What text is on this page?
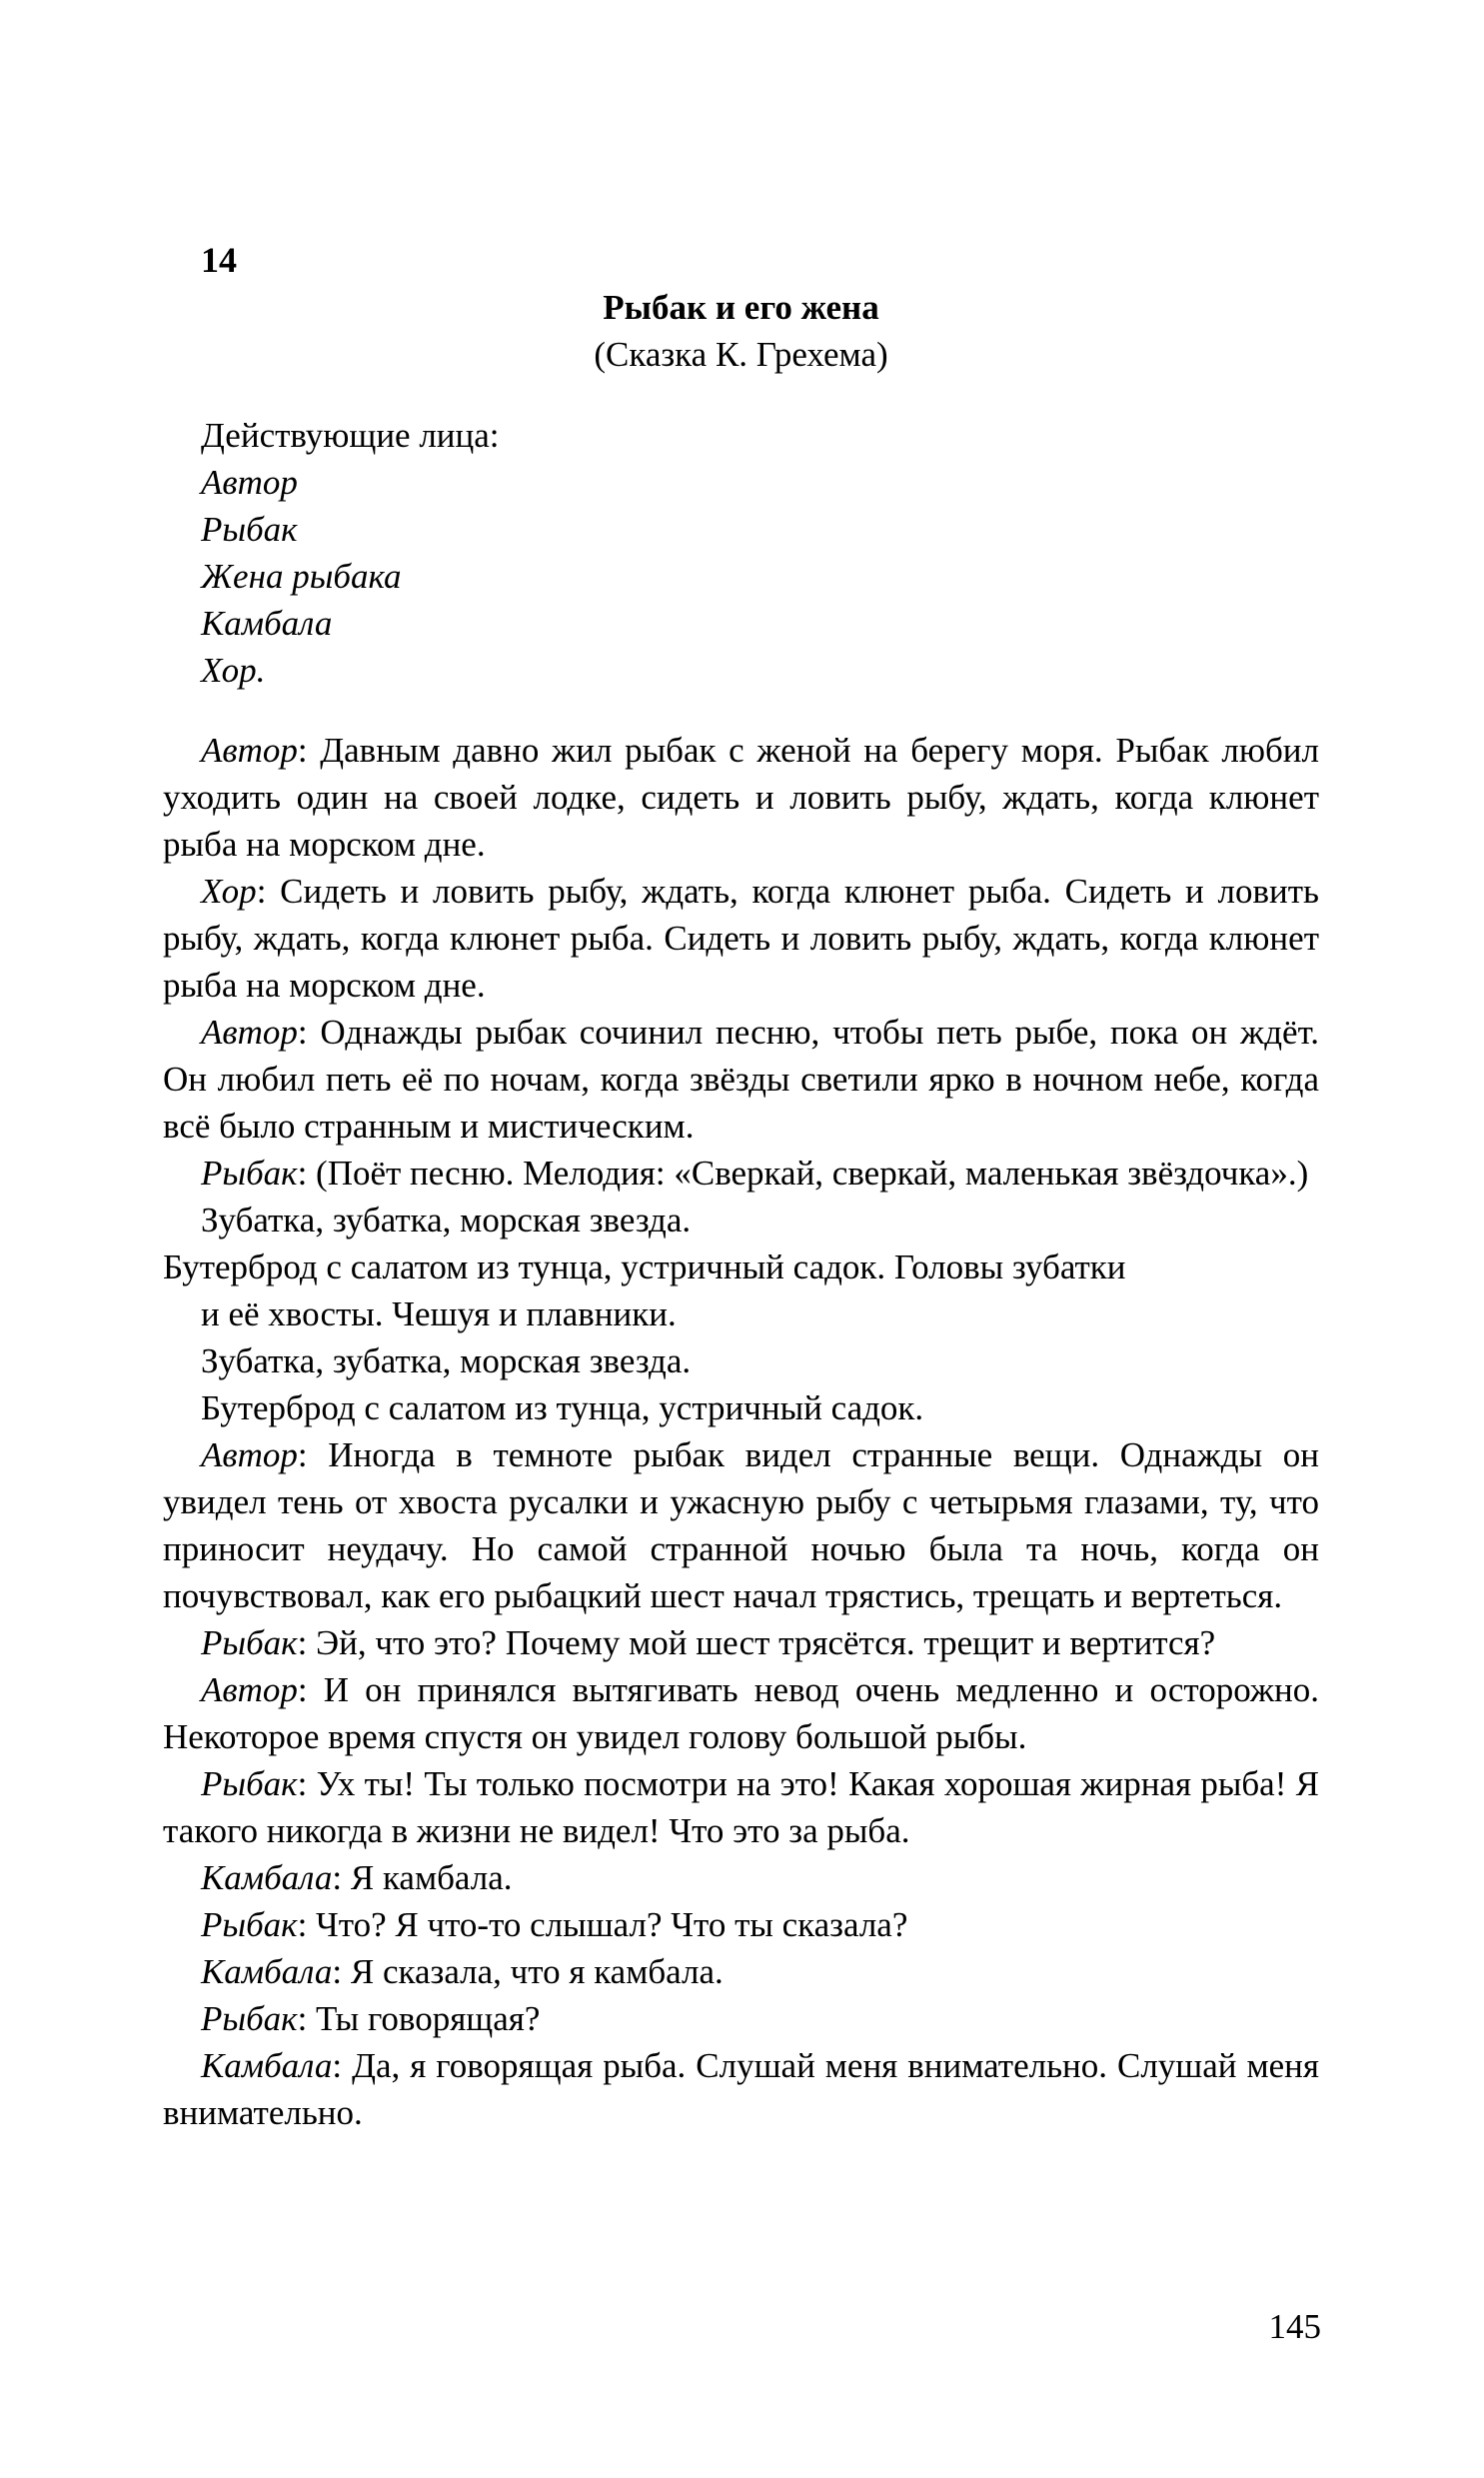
14
Рыбак и его жена
(Сказка К. Грехема)
Действующие лица:
Автор
Рыбак
Жена рыбака
Камбала
Хор.

Автор: Давным давно жил рыбак с женой на берегу моря. Рыбак любил уходить один на своей лодке, сидеть и ловить рыбу, ждать, когда клюнет рыба на морском дне.

Хор: Сидеть и ловить рыбу, ждать, когда клюнет рыба. Сидеть и ловить рыбу, ждать, когда клюнет рыба. Сидеть и ловить рыбу, ждать, когда клюнет рыба на морском дне.

Автор: Однажды рыбак сочинил песню, чтобы петь рыбе, пока он ждёт. Он любил петь её по ночам, когда звёзды светили ярко в ночном небе, когда всё было странным и мистическим.

Рыбак: (Поёт песню. Мелодия: «Сверкай, сверкай, маленькая звёздочка».)

Зубатка, зубатка, морская звезда.

Бутерброд с салатом из тунца, устричный садок. Головы зубатки

и её хвосты. Чешуя и плавники.

Зубатка, зубатка, морская звезда.

Бутерброд с салатом из тунца, устричный садок.

Автор: Иногда в темноте рыбак видел странные вещи. Однажды он увидел тень от хвоста русалки и ужасную рыбу с четырьмя глазами, ту, что приносит неудачу. Но самой странной ночью была та ночь, когда он почувствовал, как его рыбацкий шест начал трястись, трещать и вертеться.

Рыбак: Эй, что это? Почему мой шест трясётся. трещит и вертится?

Автор: И он принялся вытягивать невод очень медленно и осторожно. Некоторое время спустя он увидел голову большой рыбы.

Рыбак: Ух ты! Ты только посмотри на это! Какая хорошая жирная рыба! Я такого никогда в жизни не видел! Что это за рыба.

Камбала: Я камбала.

Рыбак: Что? Я что-то слышал? Что ты сказала?

Камбала: Я сказала, что я камбала.

Рыбак: Ты говорящая?

Камбала: Да, я говорящая рыба. Слушай меня внимательно. Слушай меня внимательно.

145
